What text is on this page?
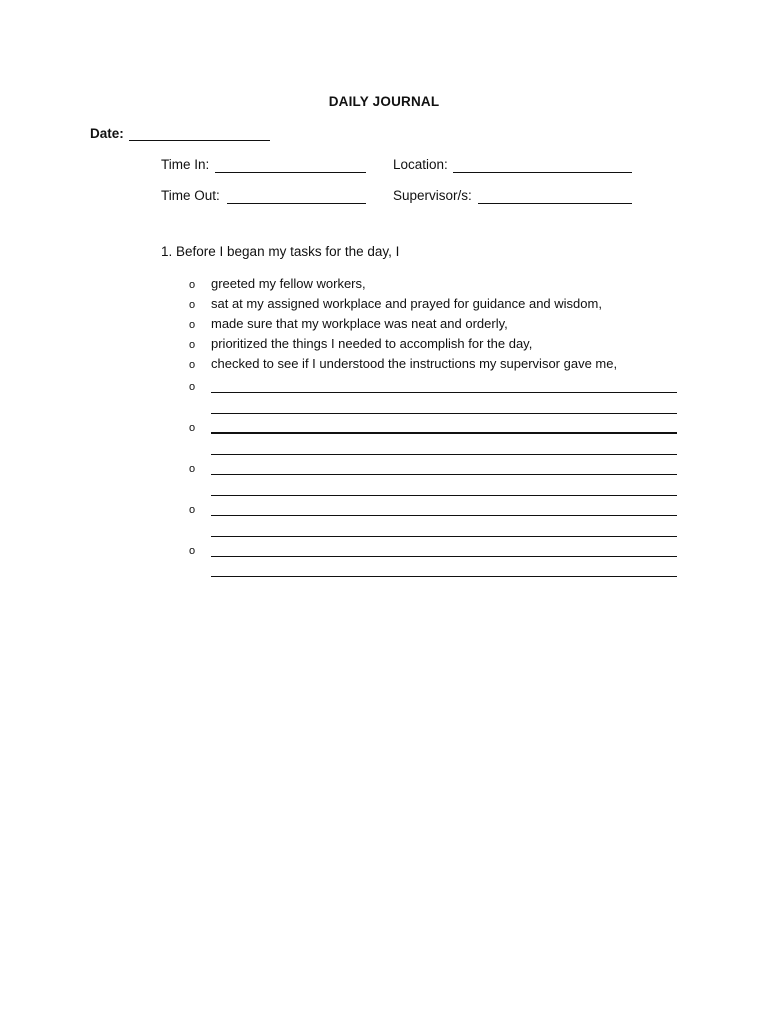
DAILY JOURNAL
Date:
Time In:	Location:
Time Out:	Supervisor/s:
1. Before I began my tasks for the day, I
o greeted my fellow workers,
o sat at my assigned workplace and prayed for guidance and wisdom,
o made sure that my workplace was neat and orderly,
o prioritized the things I needed to accomplish for the day,
o checked to see if I understood the instructions my supervisor gave me,
o
o
o
o
o
